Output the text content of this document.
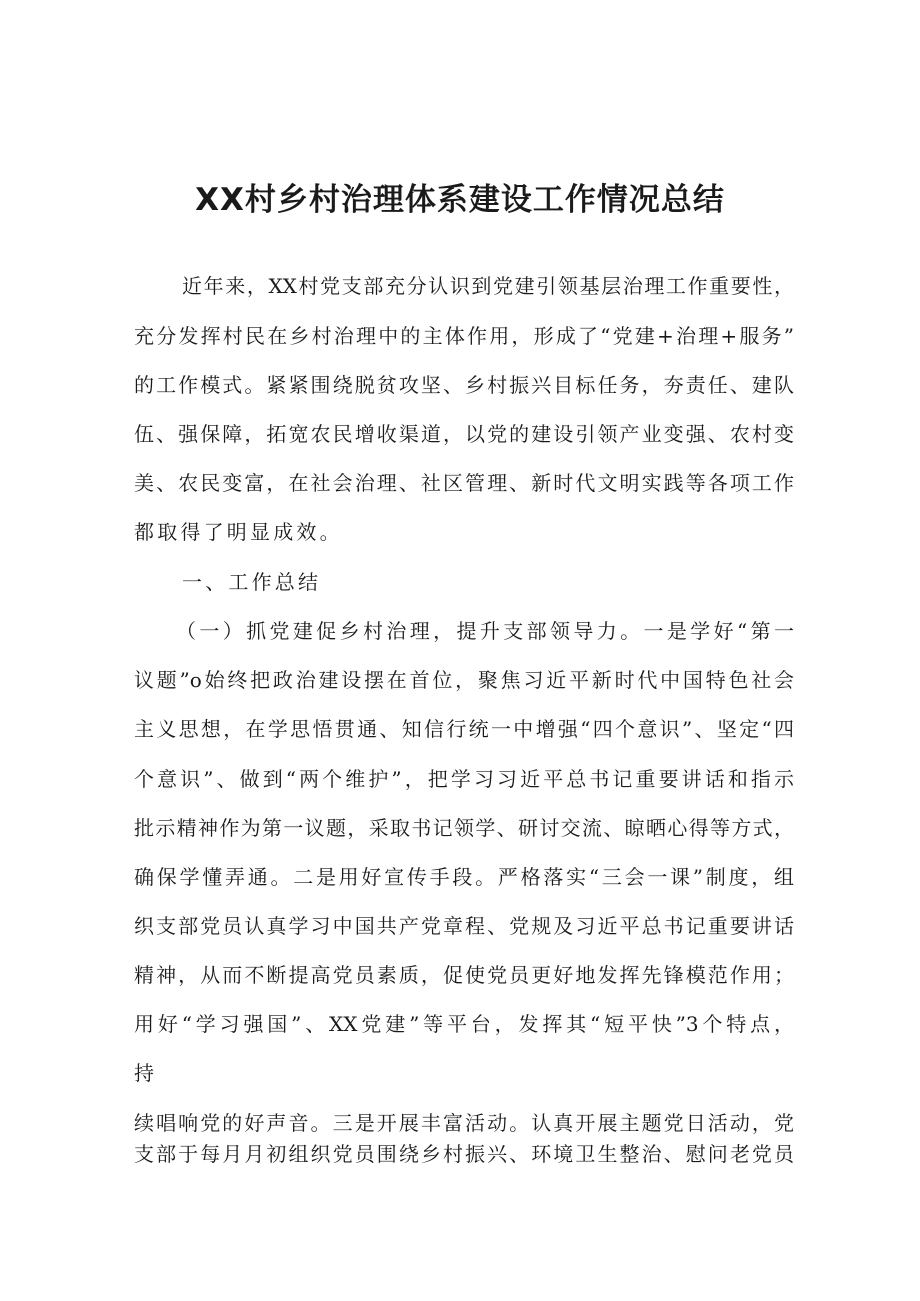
XX村乡村治理体系建设工作情况总结
近年来，XX村党支部充分认识到党建引领基层治理工作重要性，
充分发挥村民在乡村治理中的主体作用，形成了“党建+治理+服务”
的工作模式。紧紧围绕脱贫攻坚、乡村振兴目标任务，夯责任、建队
伍、强保障，拓宽农民增收渠道，以党的建设引领产业变强、农村变
美、农民变富，在社会治理、社区管理、新时代文明实践等各项工作
都取得了明显成效。
一、工作总结
（一）抓党建促乡村治理，提升支部领导力。一是学好“第一
议题”o始终把政治建设摆在首位，聚焦习近平新时代中国特色社会
主义思想，在学思悟贯通、知信行统一中增强“四个意识”、坚定“四
个意识”、做到“两个维护”，把学习习近平总书记重要讲话和指示
批示精神作为第一议题，采取书记领学、研讨交流、晾晒心得等方式，
确保学懂弄通。二是用好宣传手段。严格落实“三会一课”制度，组
织支部党员认真学习中国共产党章程、党规及习近平总书记重要讲话
精神，从而不断提高党员素质，促使党员更好地发挥先锋模范作用；
用好“学习强国”、XX党建”等平台，发挥其“短平快”3个特点，
持
续唱响党的好声音。三是开展丰富活动。认真开展主题党日活动，党
支部于每月月初组织党员围绕乡村振兴、环境卫生整治、慰问老党员
